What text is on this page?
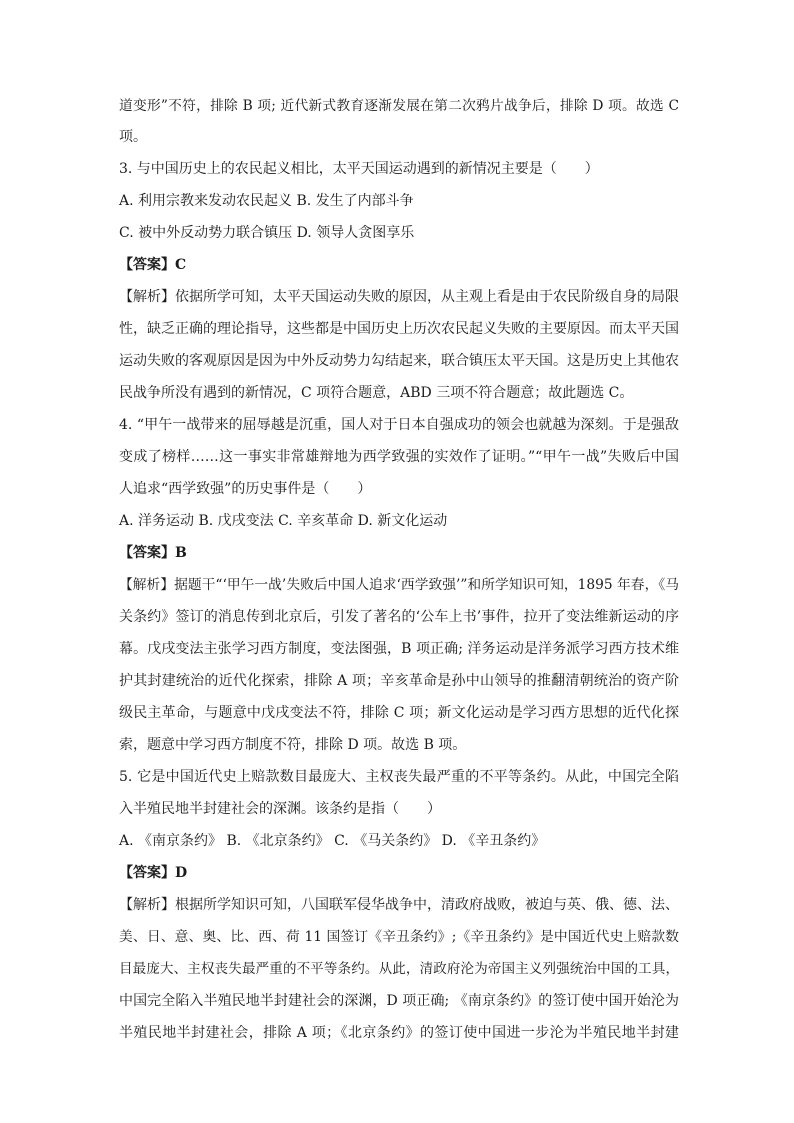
道变形”不符，排除 B 项; 近代新式教育逐渐发展在第二次鸦片战争后，排除 D 项。故选 C
项。
3. 与中国历史上的农民起义相比，太平天国运动遇到的新情况主要是（　　）
A. 利用宗教来发动农民起义 B. 发生了内部斗争
C. 被中外反动势力联合镇压 D. 领导人贪图享乐
【答案】C
【解析】依据所学可知，太平天国运动失败的原因，从主观上看是由于农民阶级自身的局限
性，缺乏正确的理论指导，这些都是中国历史上历次农民起义失败的主要原因。而太平天国
运动失败的客观原因是因为中外反动势力勾结起来，联合镇压太平天国。这是历史上其他农
民战争所没有遇到的新情况，C 项符合题意，ABD 三项不符合题意；故此题选 C。
4. “甲午一战带来的屈辱越是沉重，国人对于日本自强成功的领会也就越为深刻。于是强敌
变成了榜样……这一事实非常雄辩地为西学致强的实效作了证明。”“甲午一战”失败后中国
人追求“西学致强”的历史事件是（　　）
A. 洋务运动 B. 戊戌变法 C. 辛亥革命 D. 新文化运动
【答案】B
【解析】据题干“‘甲午一战’失败后中国人追求‘西学致强’”和所学知识可知，1895 年春，《马
关条约》签订的消息传到北京后，引发了著名的‘公车上书’事件，拉开了变法维新运动的序
幕。戊戌变法主张学习西方制度，变法图强，B 项正确; 洋务运动是洋务派学习西方技术维
护其封建统治的近代化探索，排除 A 项；辛亥革命是孙中山领导的推翻清朝统治的资产阶
级民主革命，与题意中戊戌变法不符，排除 C 项；新文化运动是学习西方思想的近代化探
索，题意中学习西方制度不符，排除 D 项。故选 B 项。
5. 它是中国近代史上赔款数目最庞大、主权丧失最严重的不平等条约。从此，中国完全陷
入半殖民地半封建社会的深渊。该条约是指（　　）
A. 《南京条约》 B. 《北京条约》 C. 《马关条约》 D. 《辛丑条约》
【答案】D
【解析】根据所学知识可知，八国联军侵华战争中，清政府战败，被迫与英、俄、德、法、
美、日、意、奥、比、西、荷 11 国签订《辛丑条约》;《辛丑条约》是中国近代史上赔款数
目最庞大、主权丧失最严重的不平等条约。从此，清政府沦为帝国主义列强统治中国的工具，
中国完全陷入半殖民地半封建社会的深渊，D 项正确; 《南京条约》的签订使中国开始沦为
半殖民地半封建社会，排除 A 项；《北京条约》的签订使中国进一步沦为半殖民地半封建
